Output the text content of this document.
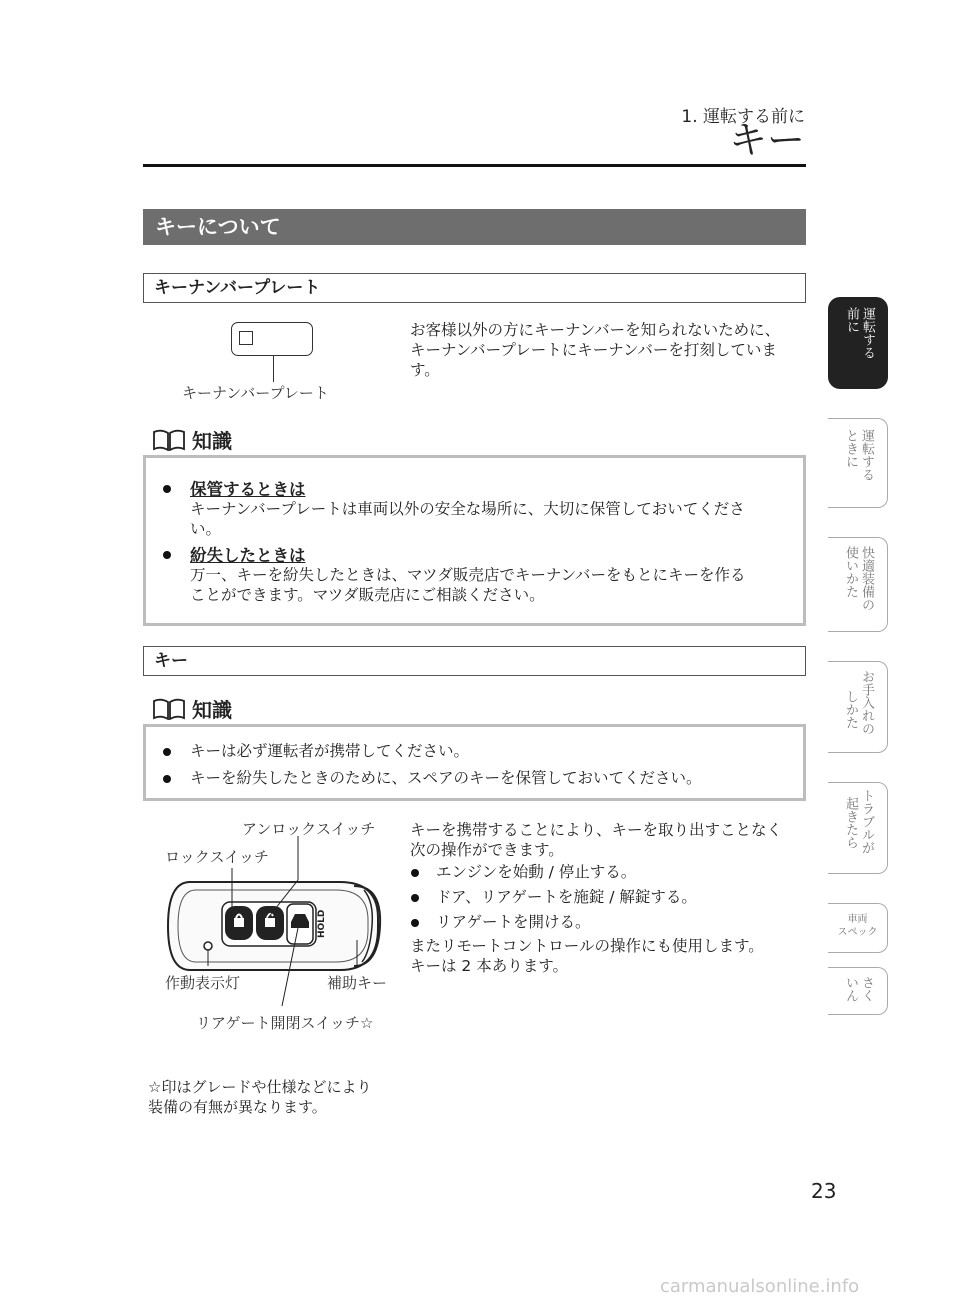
1. 運転する前に
キー
キーについて
キーナンバープレート
キーナンバープレート
お客様以外の方にキーナンバーを知られないために、
キーナンバープレートにキーナンバーを打刻していま
す。
知識
保管するときは
キーナンバープレートは車両以外の安全な場所に、大切に保管しておいてくださ
い。
紛失したときは
万一、キーを紛失したときは、マツダ販売店でキーナンバーをもとにキーを作る
ことができます。マツダ販売店にご相談ください。
キー
知識
キーは必ず運転者が携帯してください。
キーを紛失したときのために、スペアのキーを保管しておいてください。
HOLD
アンロックスイッチ
ロックスイッチ
作動表示灯	補助キー
リアゲート開閉スイッチ☆
キーを携帯することにより、キーを取り出すことなく
次の操作ができます。
エンジンを始動 / 停止する。
ドア、リアゲートを施錠 / 解錠する。
リアゲートを開ける。
またリモートコントロールの操作にも使用します。
キーは 2 本あります。
☆印はグレードや仕様などにより
装備の有無が異なります。
運転する
前に
運転する
ときに
快適装備の
使いかた
お手入れの
しかた
トラブルが
起きたら
車両
スペック
さく
いん
23
carmanualsonline.info
